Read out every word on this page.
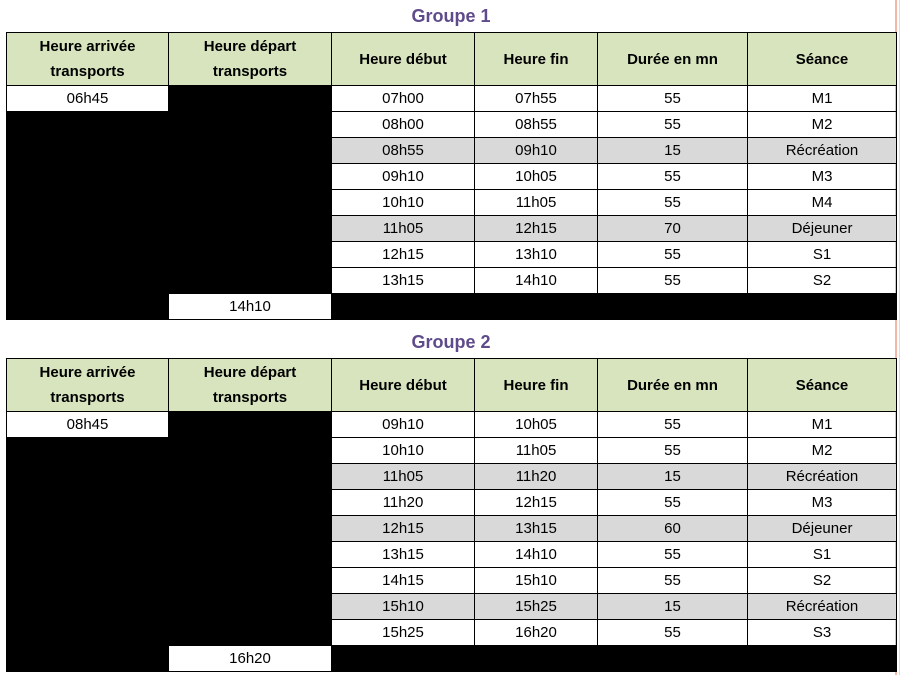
Groupe 1
Heure arrivée transports	Heure départ transports	Heure début	Heure fin	Durée en mn	Séance
06h45		07h00	07h55	55	M1
		08h00	08h55	55	M2
		08h55	09h10	15	Récréation
		09h10	10h05	55	M3
		10h10	11h05	55	M4
		11h05	12h15	70	Déjeuner
		12h15	13h10	55	S1
		13h15	14h10	55	S2
	14h10				
Groupe 2
Heure arrivée transports	Heure départ transports	Heure début	Heure fin	Durée en mn	Séance
08h45		09h10	10h05	55	M1
		10h10	11h05	55	M2
		11h05	11h20	15	Récréation
		11h20	12h15	55	M3
		12h15	13h15	60	Déjeuner
		13h15	14h10	55	S1
		14h15	15h10	55	S2
		15h10	15h25	15	Récréation
		15h25	16h20	55	S3
	16h20				
